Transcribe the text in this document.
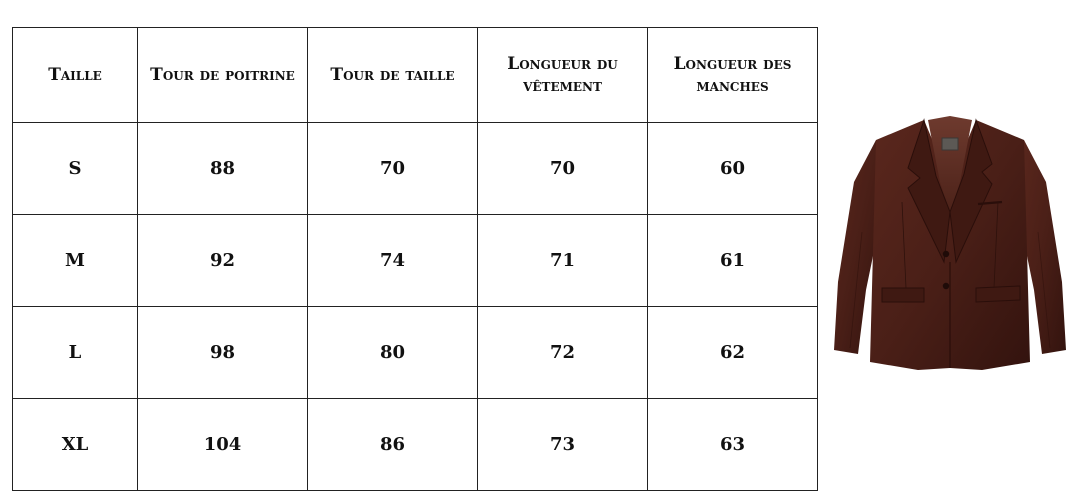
Taille	Tour de poitrine	Tour de taille	Longueur du vêtement	Longueur des manches
S	88	70	70	60
M	92	74	71	61
L	98	80	72	62
XL	104	86	73	63
